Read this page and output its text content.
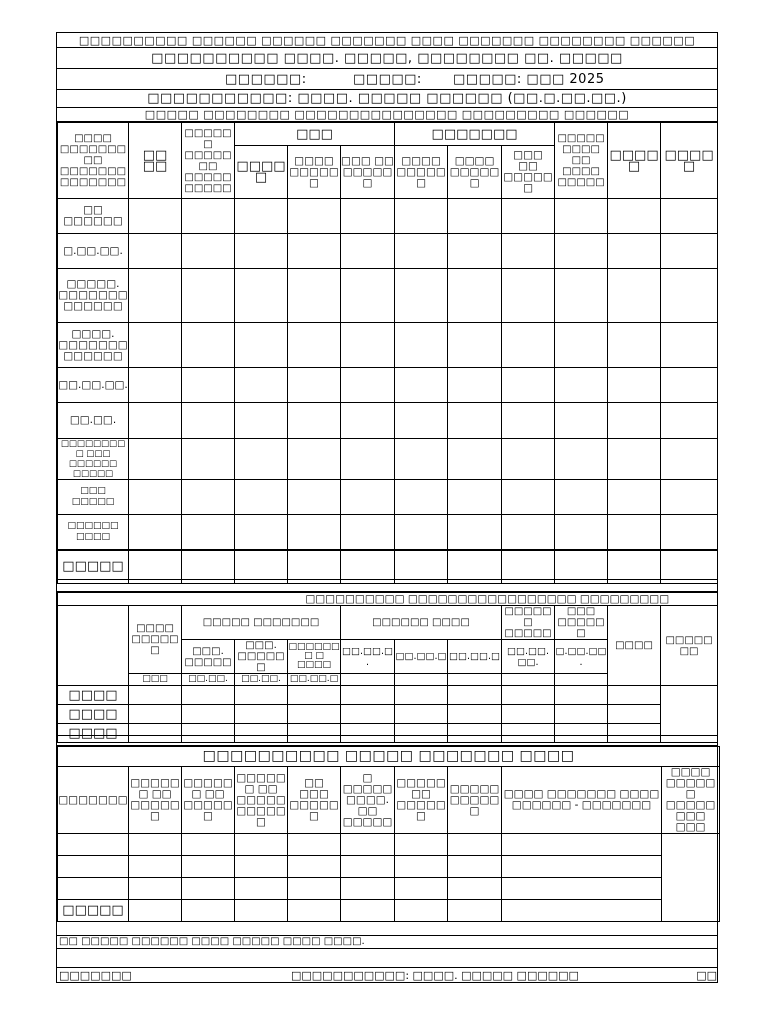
□□□□□□□□□□ □□□□□□ □□□□□□ □□□□□□□ □□□□ □□□□□□□ □□□□□□□□ □□□□□□
□□□□□□□□□□ □□□□. □□□□□, □□□□□□□□ □□. □□□□□
□□□□□□:	□□□□□: □□□□□: □□□ 2025
□□□□□□□□□□□: □□□□. □□□□□ □□□□□□ (□□.□.□□.□□.)
□□□□□ □□□□□□□□ □□□□□□□□□□□□□□□ □□□□□□□□□ □□□□□□
□□□□ □□□□□□□ □□ □□□□□□□ □□□□□□□	□□ □□	□□□□□□ □□□□□ □□ □□□□□ □□□□□	□□□			□□□□□□□			□□□□□ □□□□ □□ □□□□ □□□□□	□□□□□	□□□□□
			□□□□□	□□□□ □□□□□ □	□□□ □□ □□□□□ □	□□□□ □□□□□ □	□□□□ □□□□□ □	□□□ □□ □□□□□ □			
□□ □□□□□□											
□.□□.□□.											
□□□□□. □□□□□□□ □□□□□□											
□□□□. □□□□□□□ □□□□□□											
□□.□□.□□.											
□□.□□.											
□□□□□□□□□ □□□ □□□□□□ □□□□□											
□□□ □□□□□											
□□□□□□ □□□□											
□□□□□											
□□□□□□□□□□ □□□□□□□□□□□□□□□□□ □□□□□□□□□											
	□□□□ □□□□□□	□□□□□ □□□□□□□			□□□□□□ □□□□			□□□□□□ □□□□□	□□□ □□□□□□	□□□□	□□□□□□□
		□□□. □□□□□	□□□. □□□□□□	□□□□□□□ □ □□□□	□□.□□.□.	□□.□□.□	□□.□□.□	□□.□□. □□.	□.□□.□□.		
	□□□	□□.□□.	□□.□□.	□□.□□.□							
□□□□											
□□□□											
□□□□											
□□□□□□□□□□ □□□□□ □□□□□□□ □□□□									
□□□□□□□	□□□□□ □ □□ □□□□□□	□□□□□□ □□ □□□□□□	□□□□□□ □□ □□□□□ □□□□□□	□□ □□□ □□□□□□	□ □□□□□ □□□□. □□ □□□□□	□□□□□ □□ □□□□□□	□□□□□ □□□□□□	□□□□ □□□□□□□ □□□□ □□□□□□ - □□□□□□□	□□□□ □□□□□□ □□□□□□□□ □□□

□□□□□									
□□ □□□□□ □□□□□□ □□□□ □□□□□ □□□□ □□□□.
□□□□□□□	□□□□□□□□□□□: □□□□. □□□□□ □□□□□□	□□
